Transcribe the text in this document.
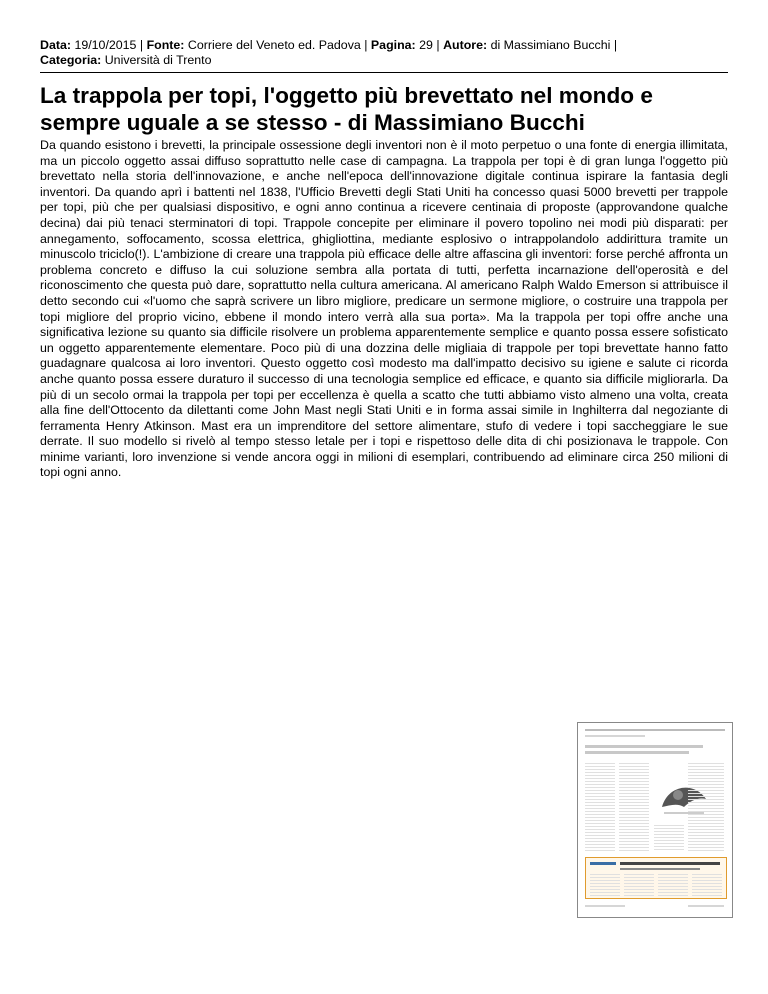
Data: 19/10/2015 | Fonte: Corriere del Veneto ed. Padova | Pagina: 29 | Autore: di Massimiano Bucchi |
Categoria: Università di Trento
La trappola per topi, l'oggetto più brevettato nel mondo e sempre uguale a se stesso - di Massimiano Bucchi

Da quando esistono i brevetti, la principale ossessione degli inventori non è il moto perpetuo o una fonte di energia illimitata, ma un piccolo oggetto assai diffuso soprattutto nelle case di campagna. La trappola per topi è di gran lunga l'oggetto più brevettato nella storia dell'innovazione, e anche nell'epoca dell'innovazione digitale continua ispirare la fantasia degli inventori. Da quando aprì i battenti nel 1838, l'Ufficio Brevetti degli Stati Uniti ha concesso quasi 5000 brevetti per trappole per topi, più che per qualsiasi dispositivo, e ogni anno continua a ricevere centinaia di proposte (approvandone qualche decina) dai più tenaci sterminatori di topi. Trappole concepite per eliminare il povero topolino nei modi più disparati: per annegamento, soffocamento, scossa elettrica, ghigliottina, mediante esplosivo o intrappolandolo addirittura tramite un minuscolo triciclo(!). L'ambizione di creare una trappola più efficace delle altre affascina gli inventori: forse perché affronta un problema concreto e diffuso la cui soluzione sembra alla portata di tutti, perfetta incarnazione dell'operosità e del riconoscimento che questa può dare, soprattutto nella cultura americana. Al americano Ralph Waldo Emerson si attribuisce il detto secondo cui «l'uomo che saprà scrivere un libro migliore, predicare un sermone migliore, o costruire una trappola per topi migliore del proprio vicino, ebbene il mondo intero verrà alla sua porta». Ma la trappola per topi offre anche una significativa lezione su quanto sia difficile risolvere un problema apparentemente semplice e quanto possa essere sofisticato un oggetto apparentemente elementare. Poco più di una dozzina delle migliaia di trappole per topi brevettate hanno fatto guadagnare qualcosa ai loro inventori. Questo oggetto così modesto ma dall'impatto decisivo su igiene e salute ci ricorda anche quanto possa essere duraturo il successo di una tecnologia semplice ed efficace, e quanto sia difficile migliorarla. Da più di un secolo ormai la trappola per topi per eccellenza è quella a scatto che tutti abbiamo visto almeno una volta, creata alla fine dell'Ottocento da dilettanti come John Mast negli Stati Uniti e in forma assai simile in Inghilterra dal negoziante di ferramenta Henry Atkinson. Mast era un imprenditore del settore alimentare, stufo di vedere i topi saccheggiare le sue derrate. Il suo modello si rivelò al tempo stesso letale per i topi e rispettoso delle dita di chi posizionava le trappole. Con minime varianti, loro invenzione si vende ancora oggi in milioni di esemplari, contribuendo ad eliminare circa 250 milioni di topi ogni anno.
